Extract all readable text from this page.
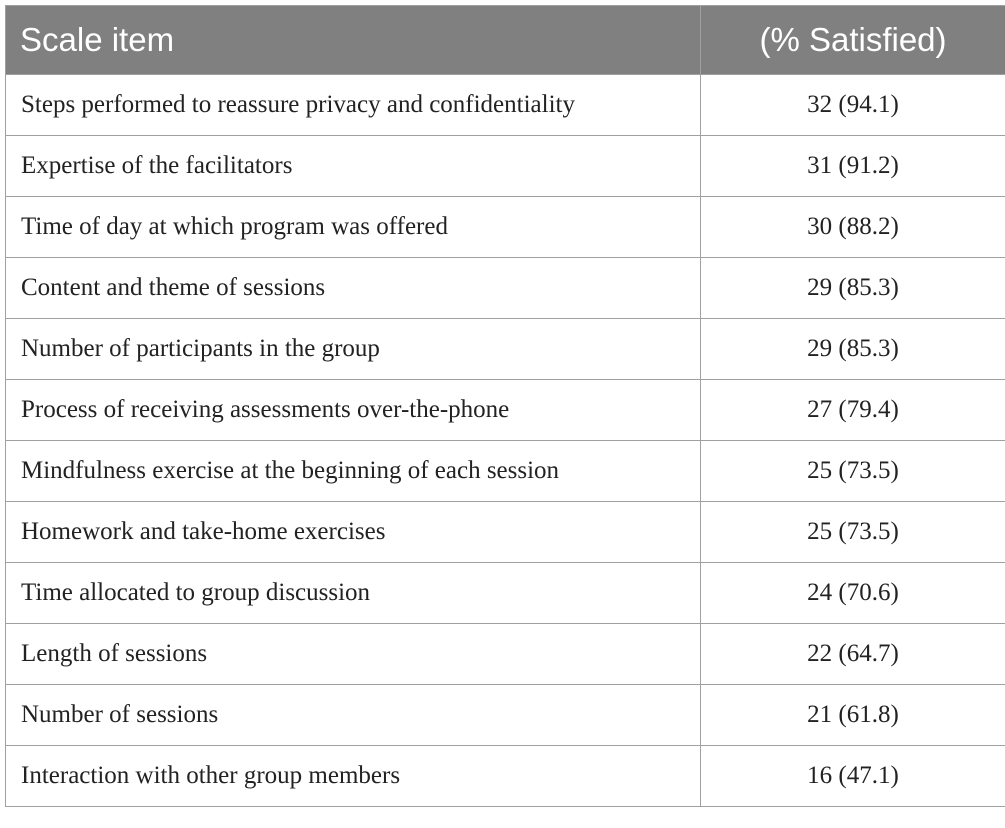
Scale item	(% Satisfied)
Steps performed to reassure privacy and confidentiality	32 (94.1)
Expertise of the facilitators	31 (91.2)
Time of day at which program was offered	30 (88.2)
Content and theme of sessions	29 (85.3)
Number of participants in the group	29 (85.3)
Process of receiving assessments over-the-phone	27 (79.4)
Mindfulness exercise at the beginning of each session	25 (73.5)
Homework and take-home exercises	25 (73.5)
Time allocated to group discussion	24 (70.6)
Length of sessions	22 (64.7)
Number of sessions	21 (61.8)
Interaction with other group members	16 (47.1)
